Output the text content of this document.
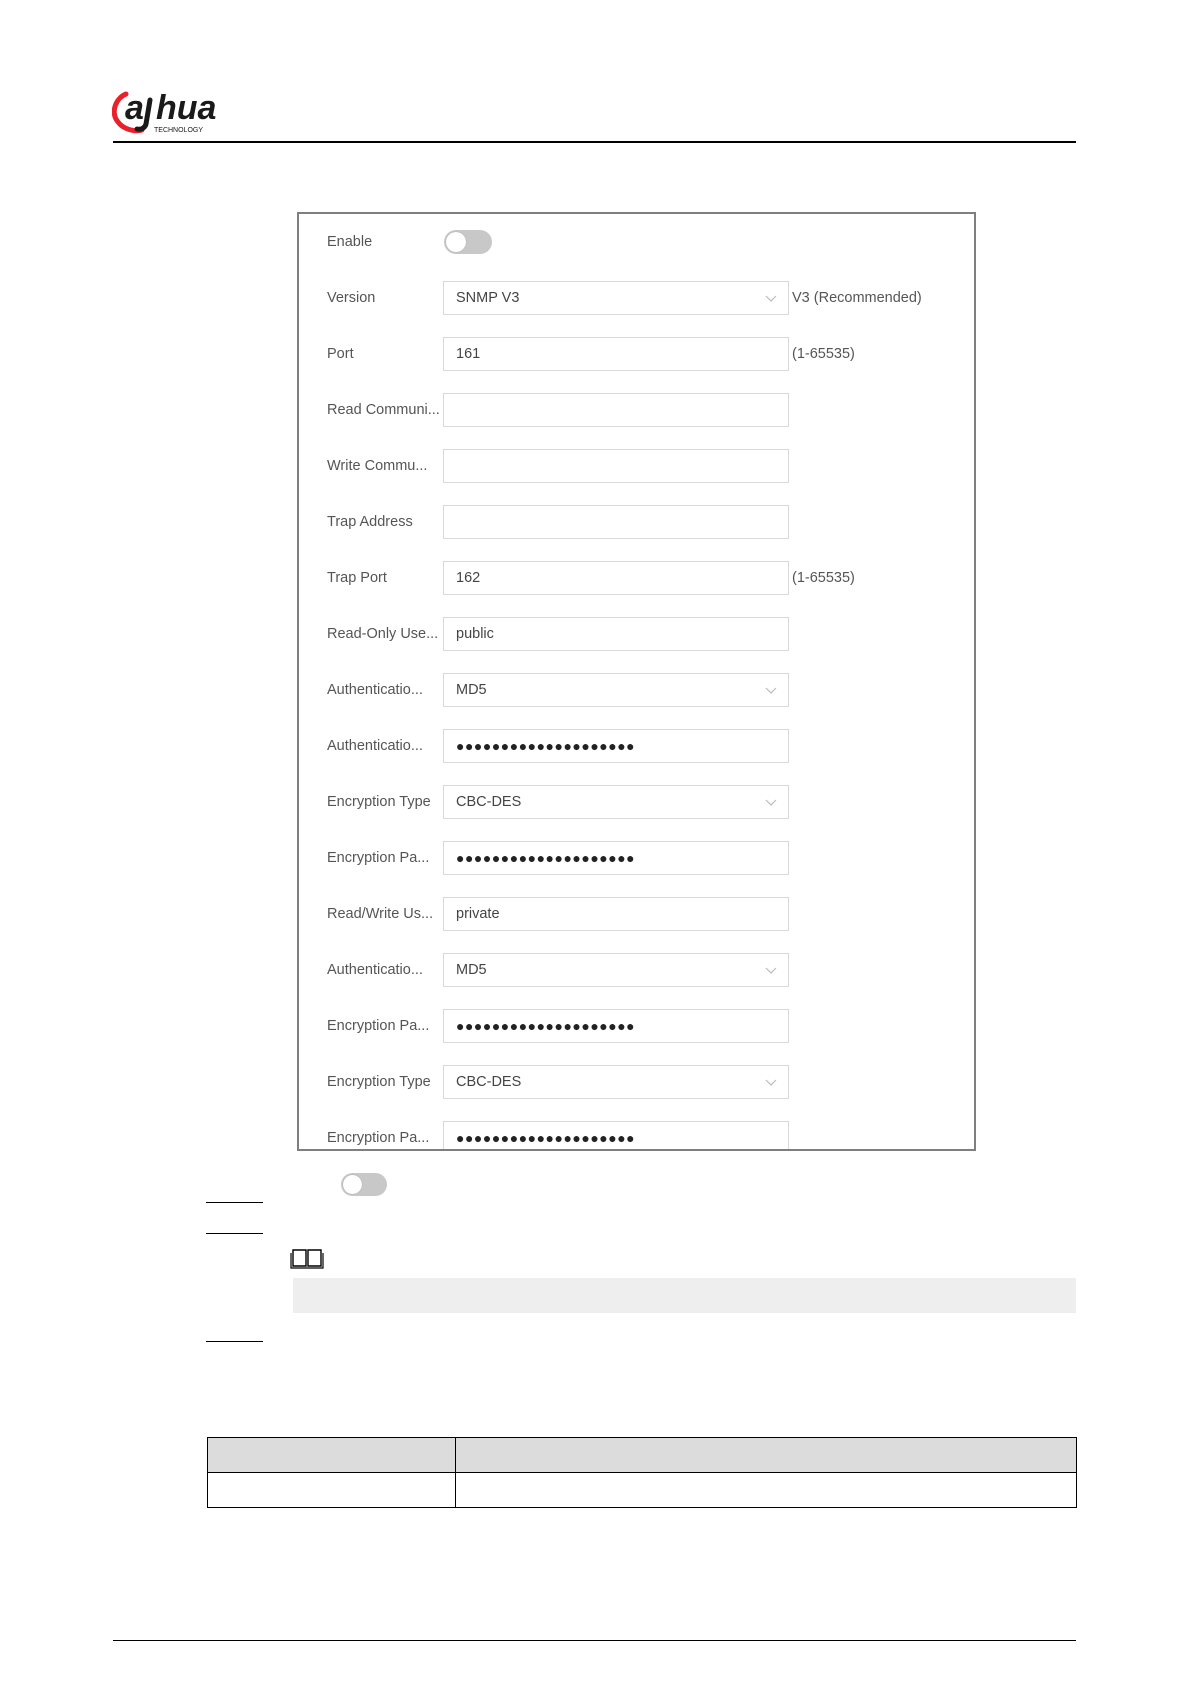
a hua
TECHNOLOGY
Enable
Version	SNMP V3	V3 (Recommended)
Port	161	(1-65535)
Read Communi...
Write Commu...
Trap Address
Trap Port	162	(1-65535)
Read-Only Use...	public
Authenticatio...	MD5
Authenticatio...	●●●●●●●●●●●●●●●●●●●●
Encryption Type	CBC-DES
Encryption Pa...	●●●●●●●●●●●●●●●●●●●●
Read/Write Us...	private
Authenticatio...	MD5
Encryption Pa...	●●●●●●●●●●●●●●●●●●●●
Encryption Type	CBC-DES
Encryption Pa...	●●●●●●●●●●●●●●●●●●●●
